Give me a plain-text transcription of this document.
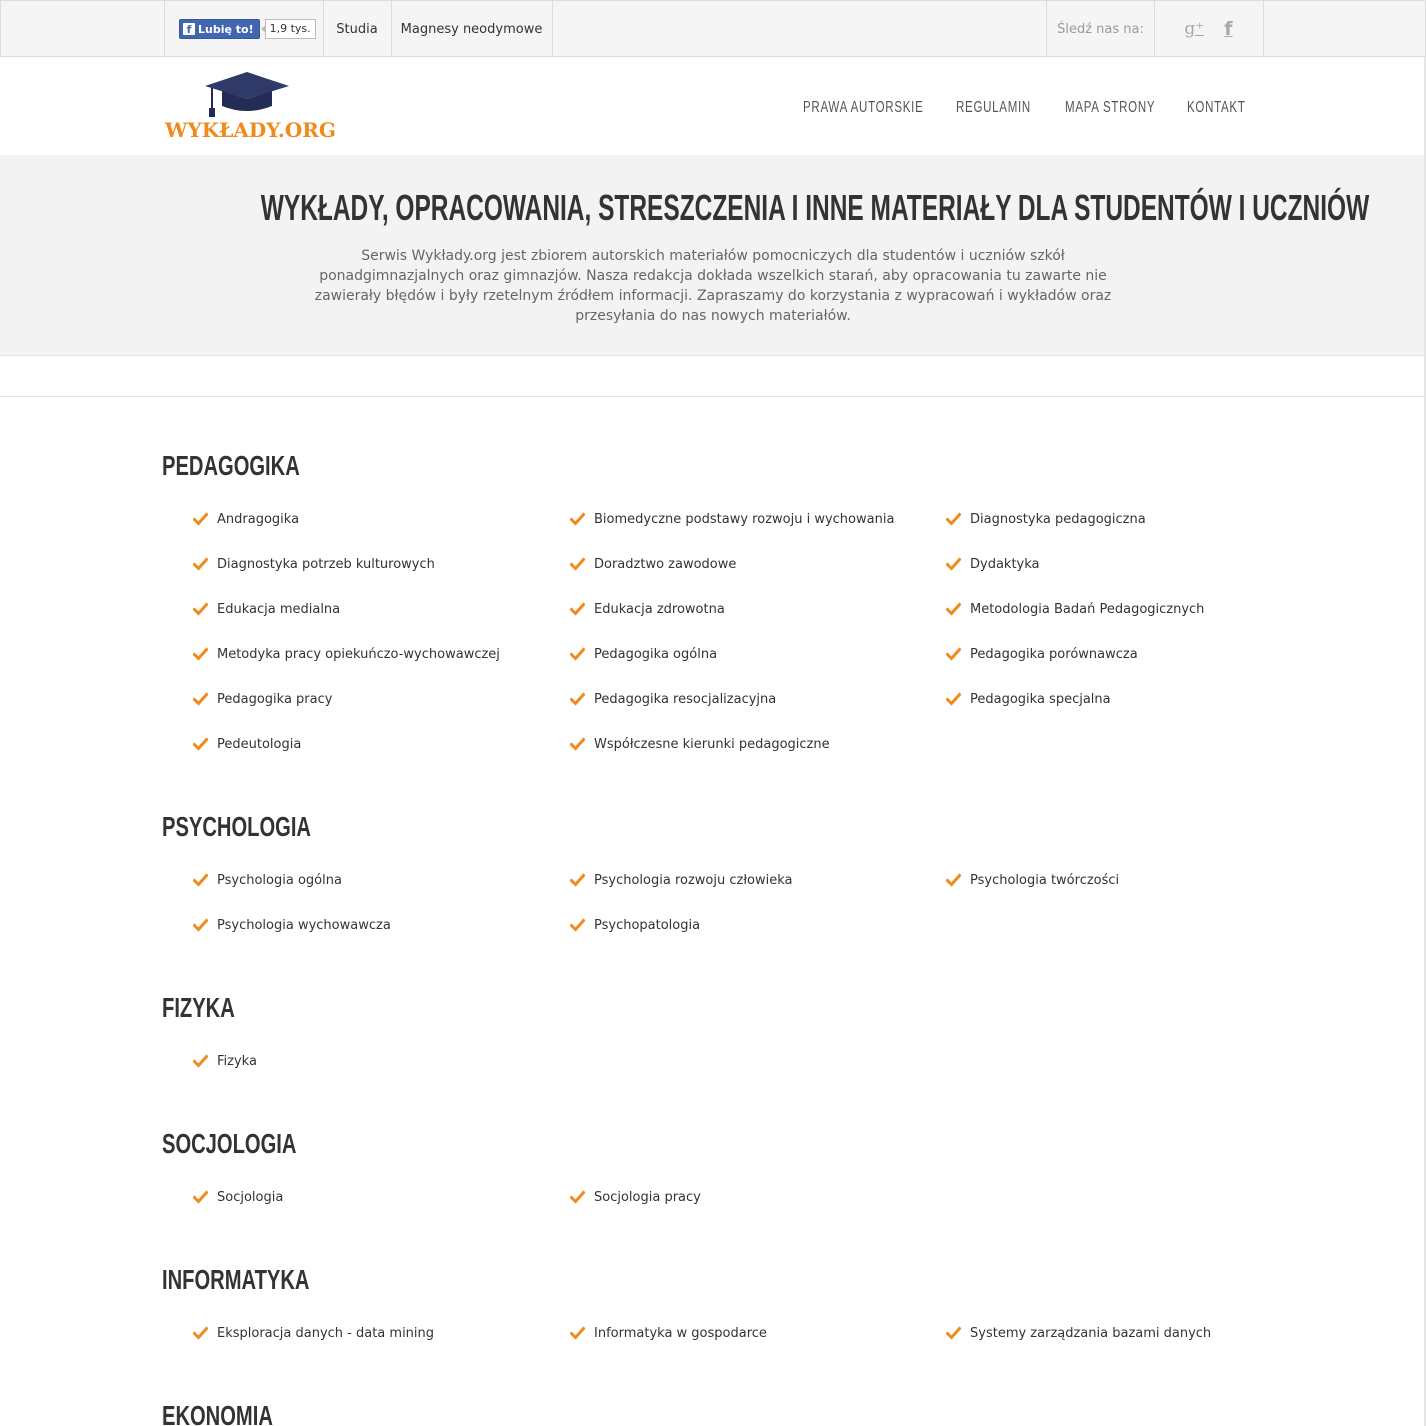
f Lubię to!	1,9 tys.	Studia Magnesy neodymowe	Śledź nas na: g⁺ f
WYKŁADY.ORG
PRAWA AUTORSKIE REGULAMIN MAPA STRONY KONTAKT
WYKŁADY, OPRACOWANIA, STRESZCZENIA I INNE MATERIAŁY DLA STUDENTÓW I UCZNIÓW

Serwis Wykłady.org jest zbiorem autorskich materiałów pomocniczych dla studentów i uczniów szkół ponadgimnazjalnych oraz gimnazjów. Nasza redakcja dokłada wszelkich starań, aby opracowania tu zawarte nie zawierały błędów i były rzetelnym źródłem informacji. Zapraszamy do korzystania z wypracowań i wykładów oraz przesyłania do nas nowych materiałów.

PEDAGOGIKA
Andragogika	Biomedyczne podstawy rozwoju i wychowania	Diagnostyka pedagogiczna
Diagnostyka potrzeb kulturowych	Doradztwo zawodowe	Dydaktyka
Edukacja medialna	Edukacja zdrowotna	Metodologia Badań Pedagogicznych
Metodyka pracy opiekuńczo-wychowawczej	Pedagogika ogólna	Pedagogika porównawcza
Pedagogika pracy	Pedagogika resocjalizacyjna	Pedagogika specjalna
Pedeutologia	Współczesne kierunki pedagogiczne
PSYCHOLOGIA
Psychologia ogólna	Psychologia rozwoju człowieka	Psychologia twórczości
Psychologia wychowawcza	Psychopatologia
FIZYKA
Fizyka
SOCJOLOGIA
Socjologia	Socjologia pracy
INFORMATYKA
Eksploracja danych - data mining	Informatyka w gospodarce	Systemy zarządzania bazami danych
EKONOMIA
